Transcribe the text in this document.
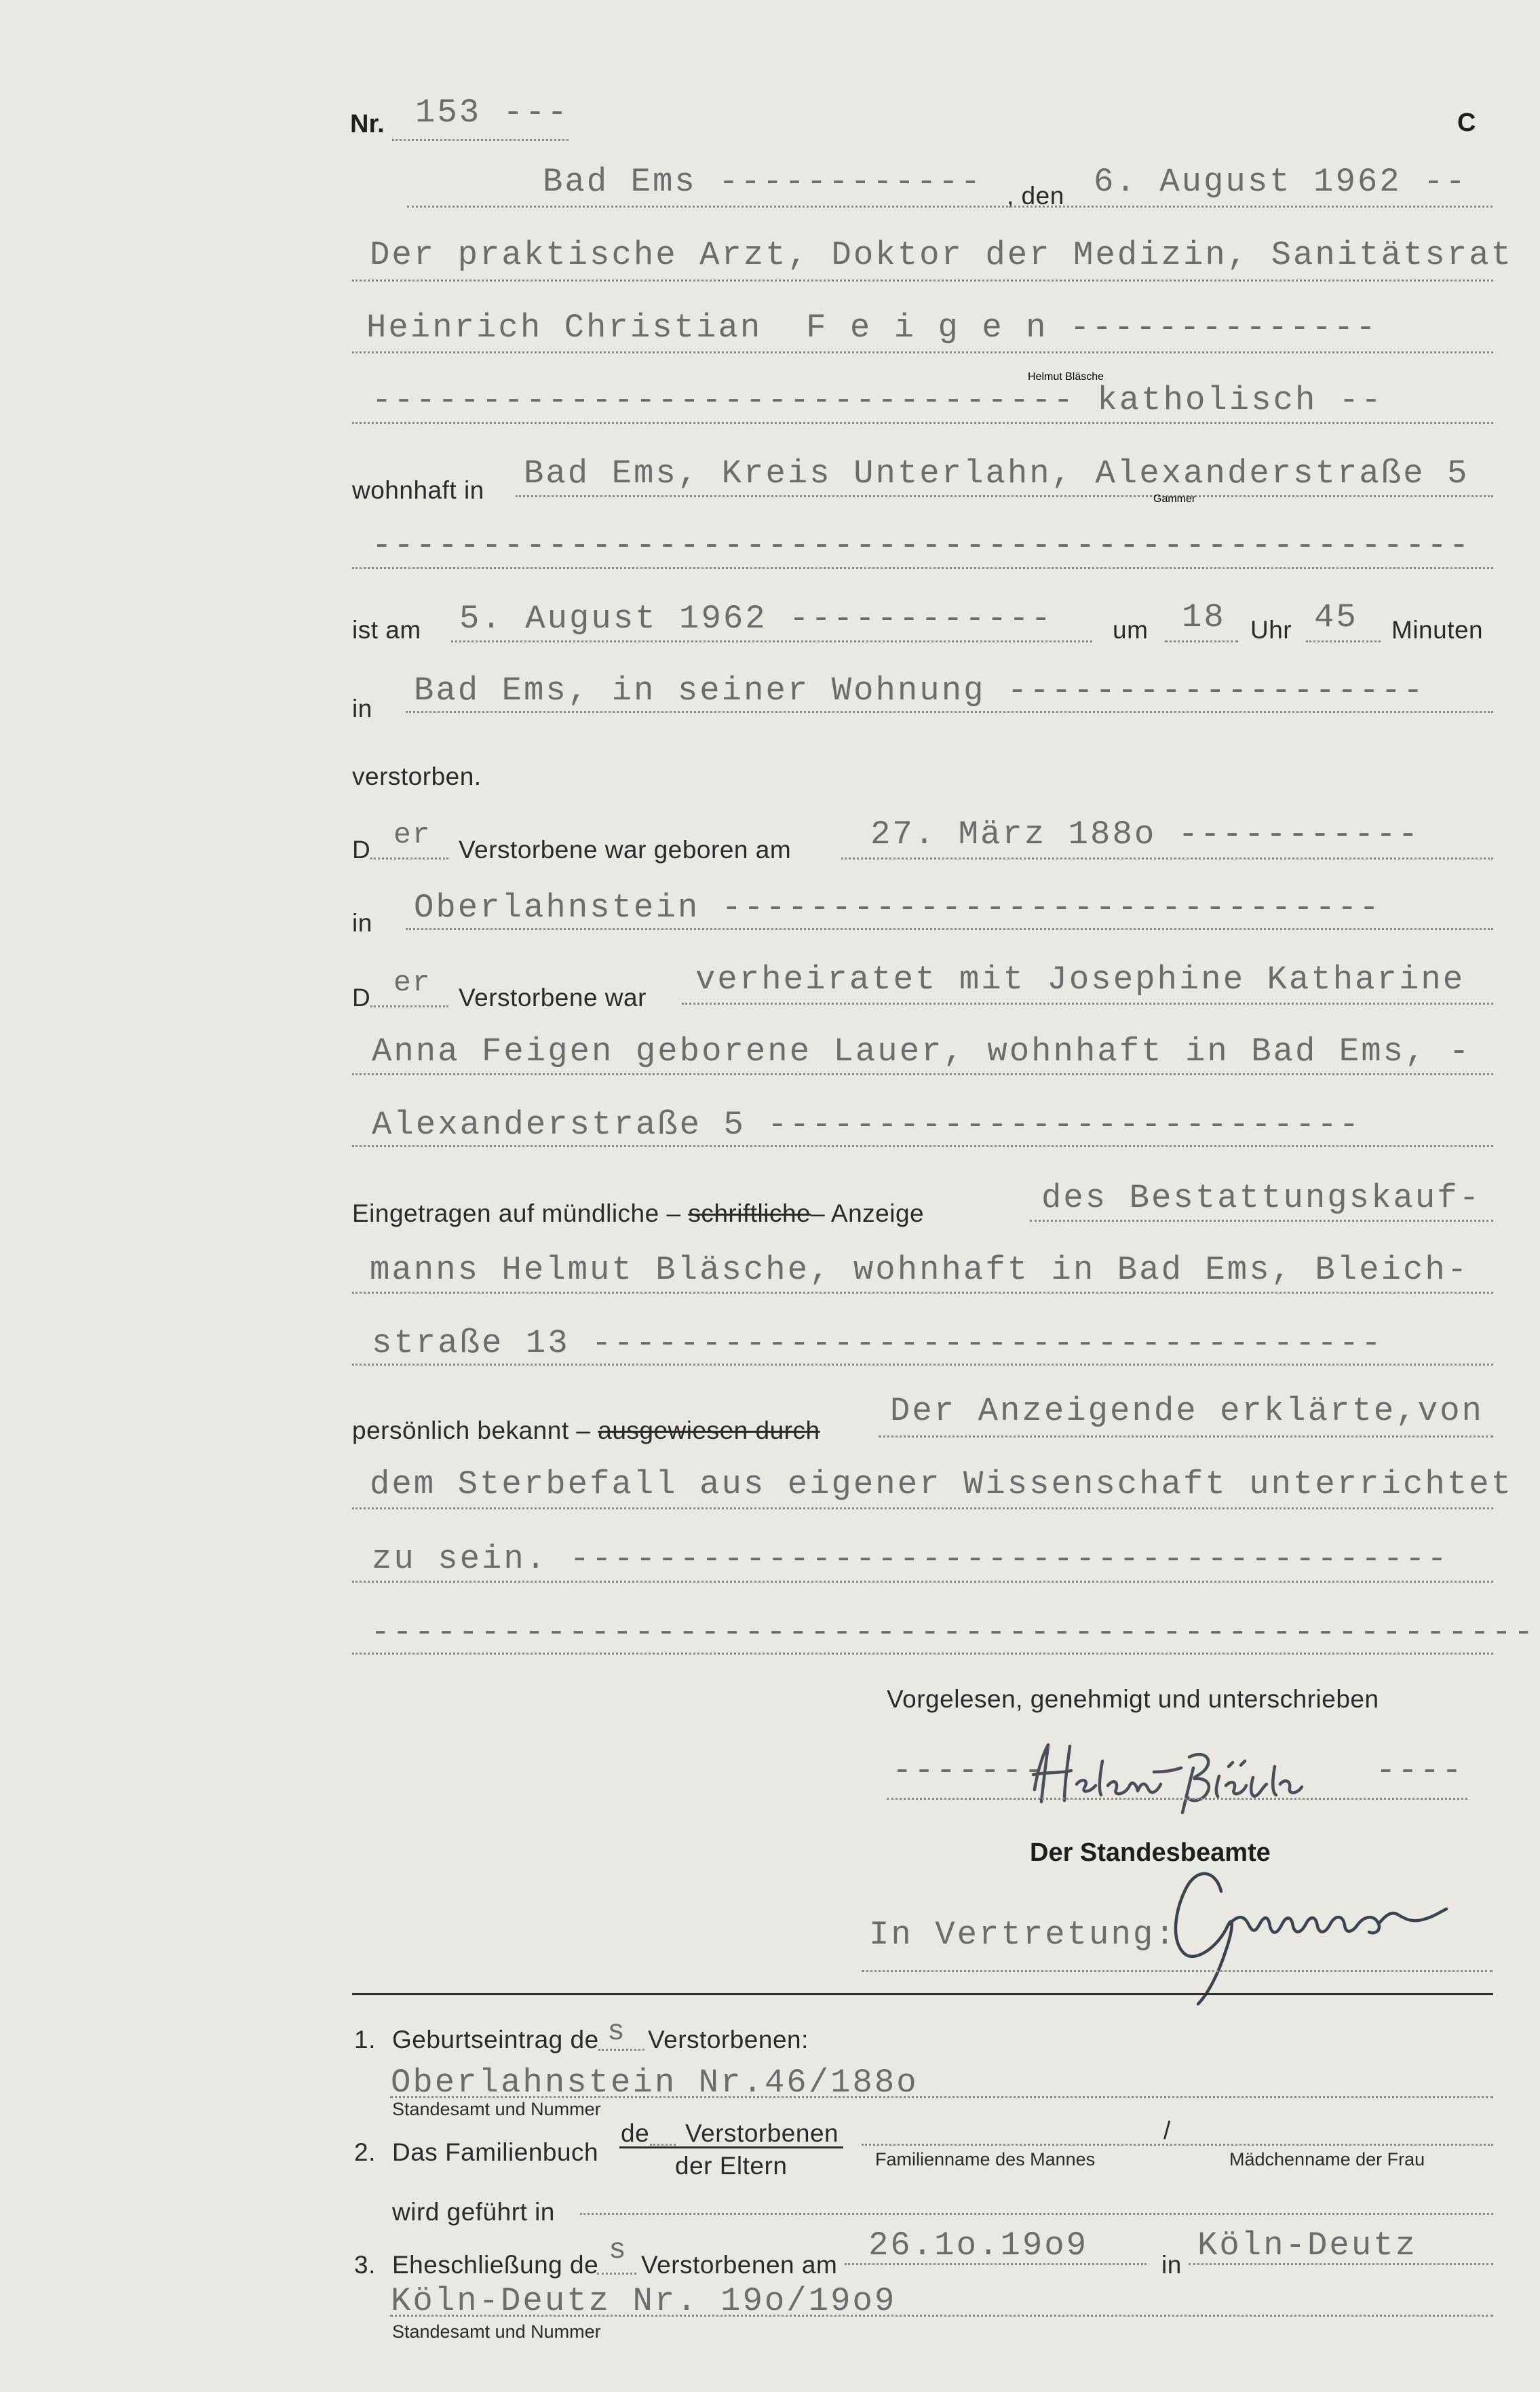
Nr. 153 ---	C
Bad Ems ------------ , den 6. August 1962 --
Der praktische Arzt, Doktor der Medizin, Sanitätsrat
Heinrich Christian  F e i g e n --------------
-------------------------------- katholisch --
wohnhaft in Bad Ems, Kreis Unterlahn, Alexanderstraße 5
--------------------------------------------------
ist am 5. August 1962 ------------ um 18 Uhr 45 Minuten
in Bad Ems, in seiner Wohnung -------------------
verstorben.
D er Verstorbene war geboren am 27. März 188o -----------
in Oberlahnstein ------------------------------
D er Verstorbene war verheiratet mit Josephine Katharine
Anna Feigen geborene Lauer, wohnhaft in Bad Ems, -
Alexanderstraße 5 ---------------------------
Eingetragen auf mündliche – schriftliche– Anzeige	des Bestattungskauf-
manns Helmut Bläsche, wohnhaft in Bad Ems, Bleich-
straße 13 ------------------------------------
persönlich bekannt – ausgewiesen durch
Der Anzeigende erklärte,von
dem Sterbefall aus eigener Wissenschaft unterrichtet
zu sein. ----------------------------------------
-----------------------------------------------------
Vorgelesen, genehmigt und unterschrieben
-------
Helmut Bläsche
----
Der Standesbeamte
In Vertretung:
Gammer
1. Geburtseintrag de s Verstorbenen:
Oberlahnstein Nr.46/188o
Standesamt und Nummer
2. Das Familienbuch
de Verstorbenen
der Eltern
/
Familienname des Mannes	Mädchenname der Frau
wird geführt in
3. Eheschließung de s Verstorbenen am
26.1o.19o9
in
Köln-Deutz
Köln-Deutz Nr. 19o/19o9
Standesamt und Nummer
